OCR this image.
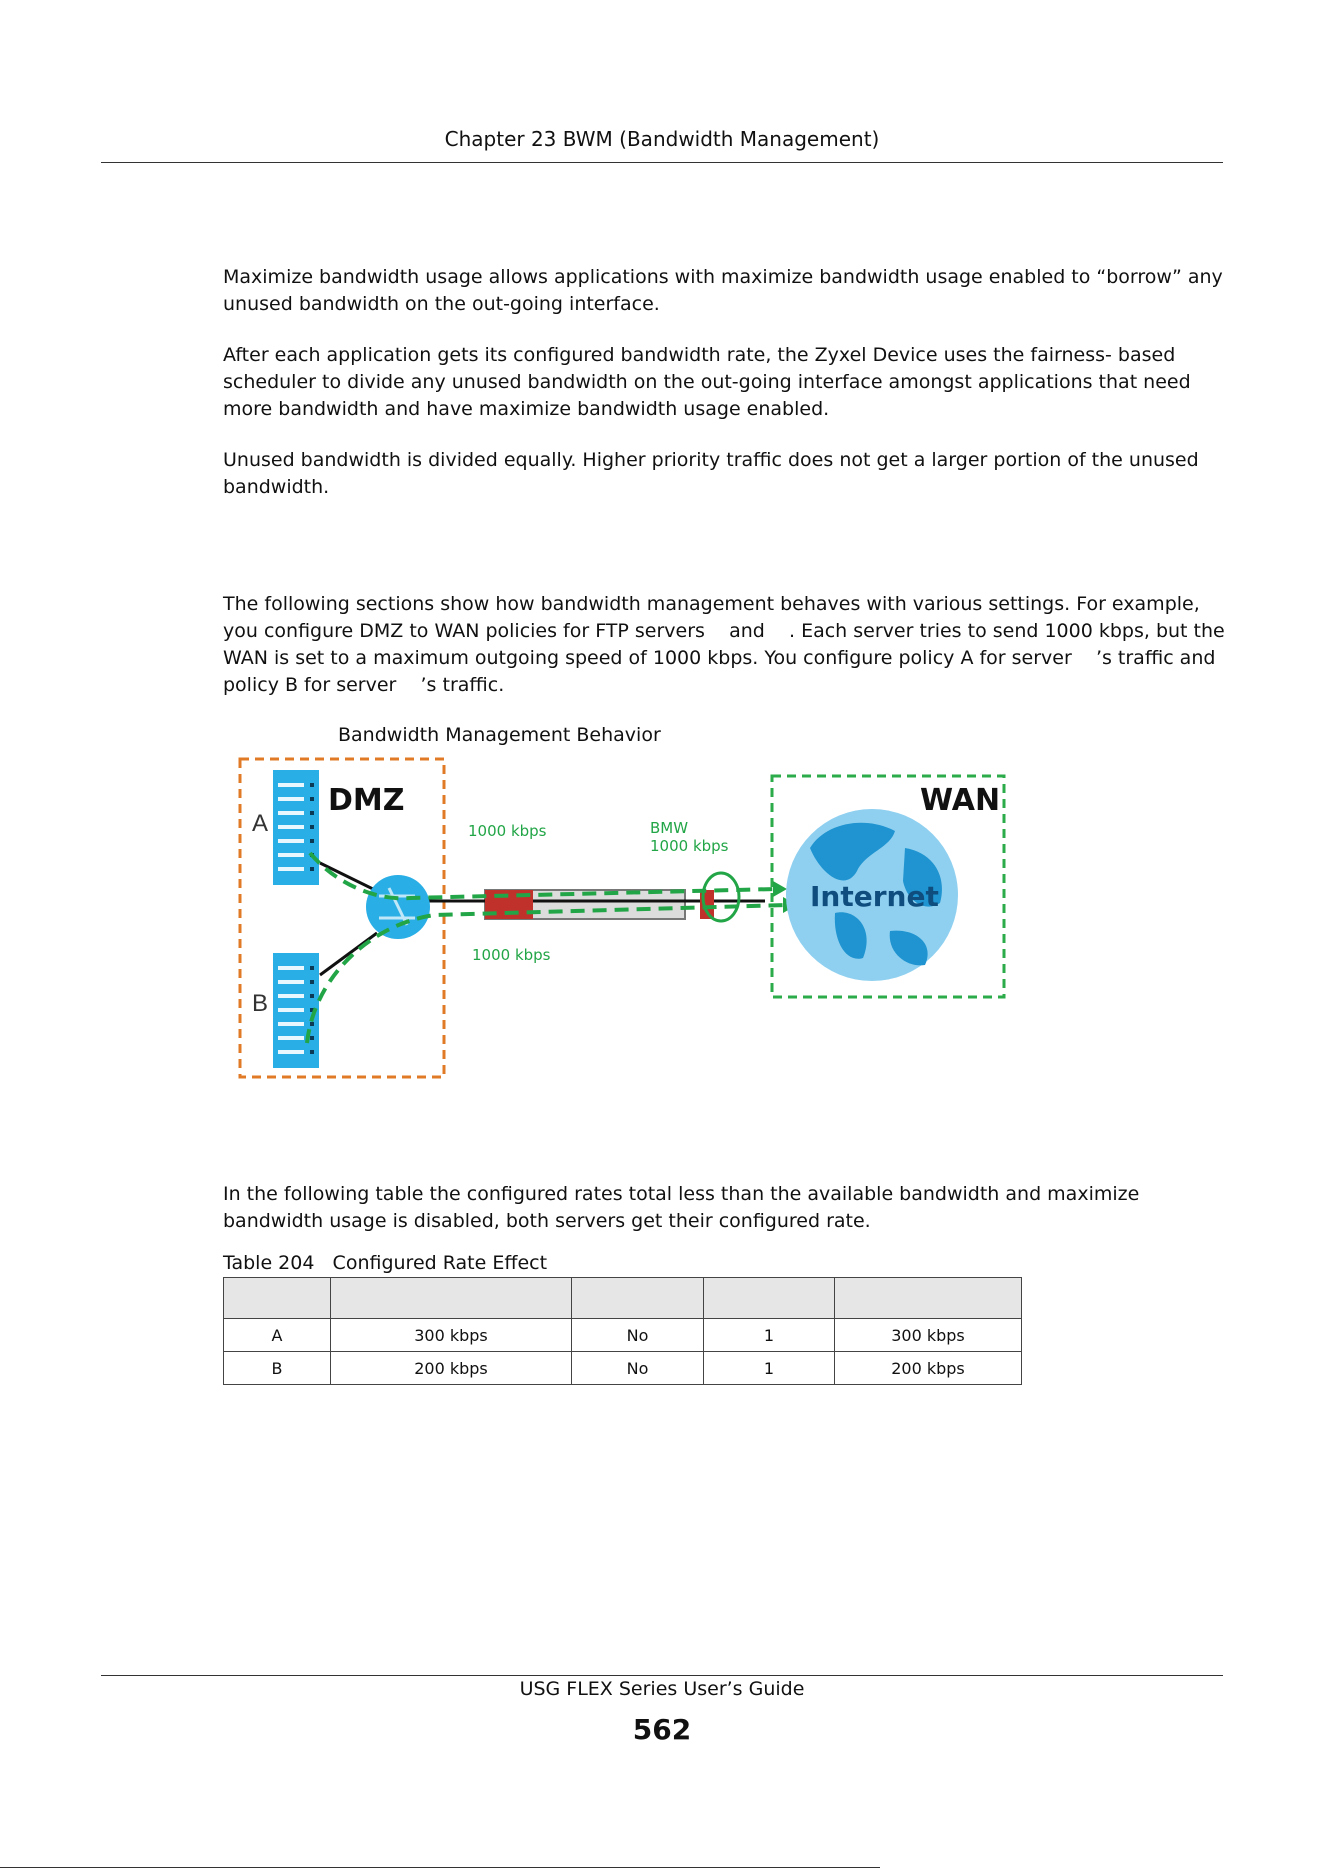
Chapter 23 BWM (Bandwidth Management)

Maximize bandwidth usage allows applications with maximize bandwidth usage enabled to “borrow” any unused bandwidth on the out-going interface.

After each application gets its configured bandwidth rate, the Zyxel Device uses the fairness- based scheduler to divide any unused bandwidth on the out-going interface amongst applications that need more bandwidth and have maximize bandwidth usage enabled.

Unused bandwidth is divided equally. Higher priority traffic does not get a larger portion of the unused bandwidth.

The following sections show how bandwidth management behaves with various settings. For example, you configure DMZ to WAN policies for FTP servers    and    . Each server tries to send 1000 kbps, but the WAN is set to a maximum outgoing speed of 1000 kbps. You configure policy A for server    ’s traffic and policy B for server    ’s traffic.

Bandwidth Management Behavior
A
B
DMZ	WAN
Internet
1000 kbps
1000 kbps
BMW
1000 kbps

In the following table the configured rates total less than the available bandwidth and maximize bandwidth usage is disabled, both servers get their configured rate.

Table 204   Configured Rate Effect

A	300 kbps	No	1	300 kbps
B	200 kbps	No	1	200 kbps
USG FLEX Series User’s Guide
562
